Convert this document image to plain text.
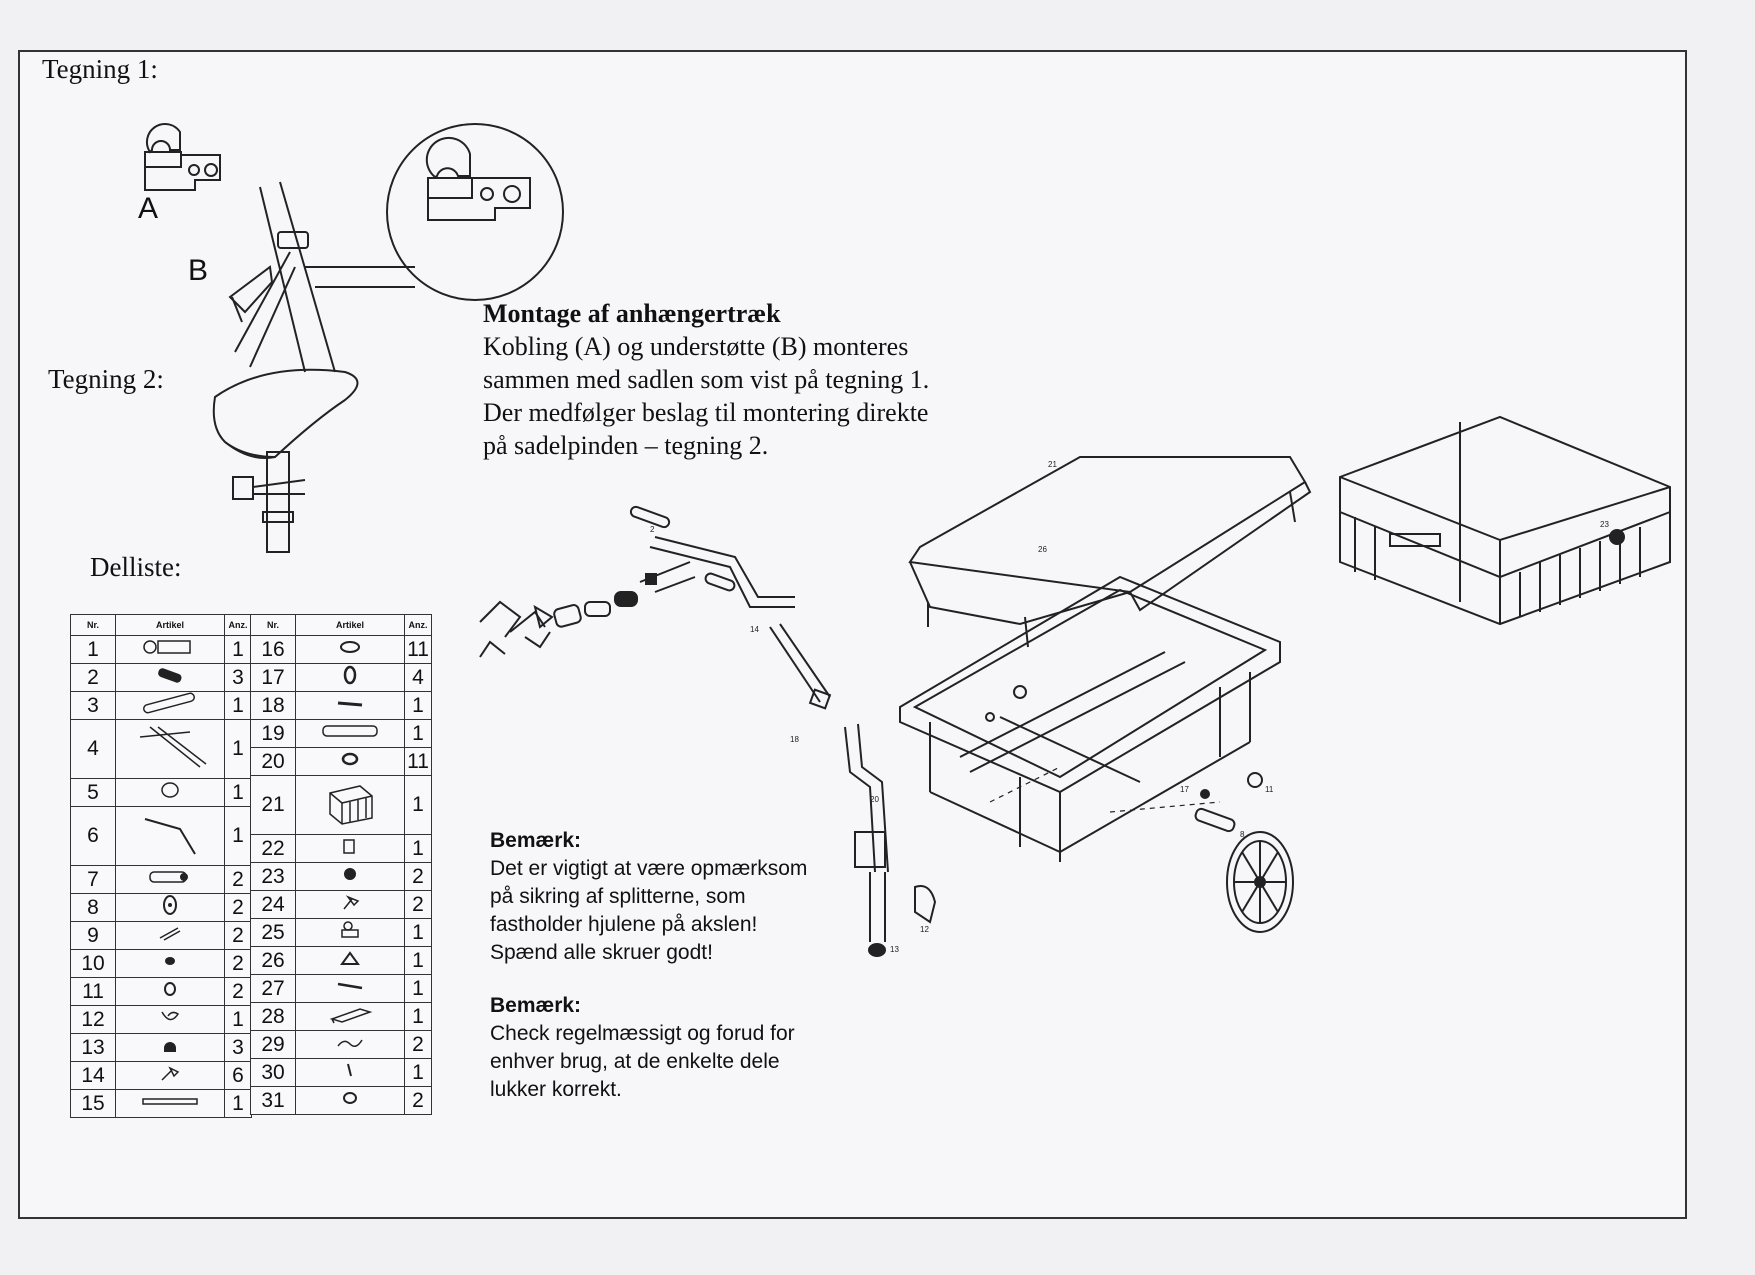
Tegning 1:
Tegning 2:
A
B
Montage af anhængertræk
Kobling (A) og understøtte (B) monteres
sammen med sadlen som vist på tegning 1.
Der medfølger beslag til montering direkte
på sadelpinden – tegning 2.
Delliste:
Nr.	Artikel	Anz.
1		1
2		3
3		1
4		1
5		1
6		1
7		2
8		2
9		2
10		2
11		2
12		1
13		3
14		6
15		1
Nr.	Artikel	Anz.
16		11
17		4
18		1
19		1
20		11
21		1
22		1
23		2
24		2
25		1
26		1
27		1
28		1
29		2
30		1
31		2
Bemærk:
Det er vigtigt at være opmærksom
på sikring af splitterne, som
fastholder hjulene på akslen!
Spænd alle skruer godt!
Bemærk:
Check regelmæssigt og forud for
enhver brug, at de enkelte dele
lukker korrekt.
21
26
23
2
14
18
20
17
8
11
13
12
